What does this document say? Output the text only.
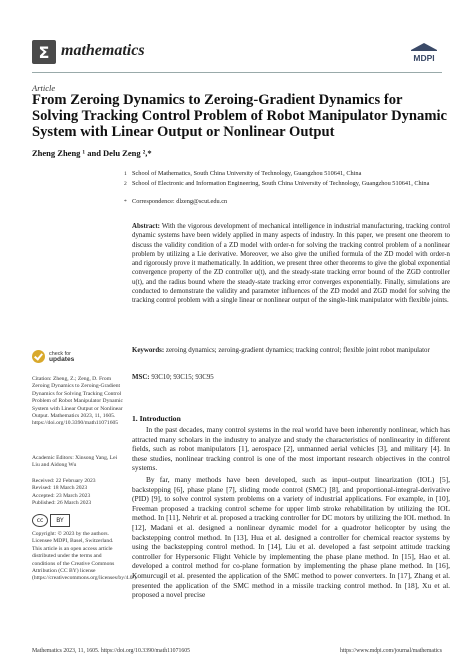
Σ mathematics	MDPI
Article
From Zeroing Dynamics to Zeroing-Gradient Dynamics for Solving Tracking Control Problem of Robot Manipulator Dynamic System with Linear Output or Nonlinear Output
Zheng Zheng ¹ and Delu Zeng ²,*
1 School of Mathematics, South China University of Technology, Guangzhou 510641, China
2 School of Electronic and Information Engineering, South China University of Technology, Guangzhou 510641, China
* Correspondence: dlzeng@scut.edu.cn
Abstract: With the vigorous development of mechanical intelligence in industrial manufacturing, tracking control dynamic systems have been widely applied in many aspects of industry. In this paper, we present one theorem to discuss the validity condition of a ZD model with order-n for solving the tracking control problem of a nonlinear problem by utilizing a Lie derivative. Moreover, we also give the unified formula of the ZD model with order-n and rigorously prove it mathematically. In addition, we present three other theorems to give the global exponential convergence property of the ZD controller u(t), and the steady-state tracking error bound of the ZGD controller u(t), and the radius bound where the steady-state tracking error converges exponentially. Finally, simulations are conducted to demonstrate the validity and parameter influences of the ZD model and ZGD model for solving the tracking control problem with a single linear or nonlinear output of the single-link manipulator with flexible joints.
Keywords: zeroing dynamics; zeroing-gradient dynamics; tracking control; flexible joint robot manipulator
MSC: 93C10; 93C15; 93C95
check for
updates
Citation: Zheng, Z.; Zeng, D. From Zeroing Dynamics to Zeroing-Gradient Dynamics for Solving Tracking Control Problem of Robot Manipulator Dynamic System with Linear Output or Nonlinear Output. Mathematics 2023, 11, 1605. https://doi.org/10.3390/math11071605
Academic Editors: Xinsong Yang, Lei Liu and Aidong Wu
Received: 22 February 2023
Revised: 18 March 2023
Accepted: 23 March 2023
Published: 26 March 2023
cc	BY
Copyright: © 2023 by the authors. Licensee MDPI, Basel, Switzerland. This article is an open access article distributed under the terms and conditions of the Creative Commons Attribution (CC BY) license (https://creativecommons.org/licenses/by/4.0/).
1. Introduction

In the past decades, many control systems in the real world have been inherently nonlinear, which has attracted many scholars in the industry to analyze and study the characteristics of nonlinearity in different fields, such as robot manipulators [1], aerospace [2], unmanned aerial vehicles [3], and military [4]. In these studies, nonlinear tracking control is one of the most important research objectives in the control systems.

By far, many methods have been developed, such as input–output linearization (IOL) [5], backstepping [6], phase plane [7], sliding mode control (SMC) [8], and proportional-integral-derivative (PID) [9], to solve control system problems on a variety of industrial applications. For example, in [10], Freeman proposed a tracking control scheme for upper limb stroke rehabilitation by utilizing the IOL method. In [11], Nehrir et al. proposed a tracking controller for DC motors by utilizing the IOL method. In [12], Madani et al. designed a nonlinear dynamic model for a quadrotor helicopter by using the backstepping control method. In [13], Hua et al. designed a controller for chemical reactor systems by using the backstepping control method. In [14], Liu et al. developed a fast setpoint attitude tracking controller for Hypersonic Flight Vehicle by implementing the phase plane method. In [15], Hao et al. developed a control method for co-plane formation by implementing the phase plane method. In [16], Komurcugil et al. presented the application of the SMC method to power converters. In [17], Zhang et al. presented the application of the SMC method in a missile tracking control method. In [18], Xu et al. proposed a novel precise

Mathematics 2023, 11, 1605. https://doi.org/10.3390/math11071605	https://www.mdpi.com/journal/mathematics
